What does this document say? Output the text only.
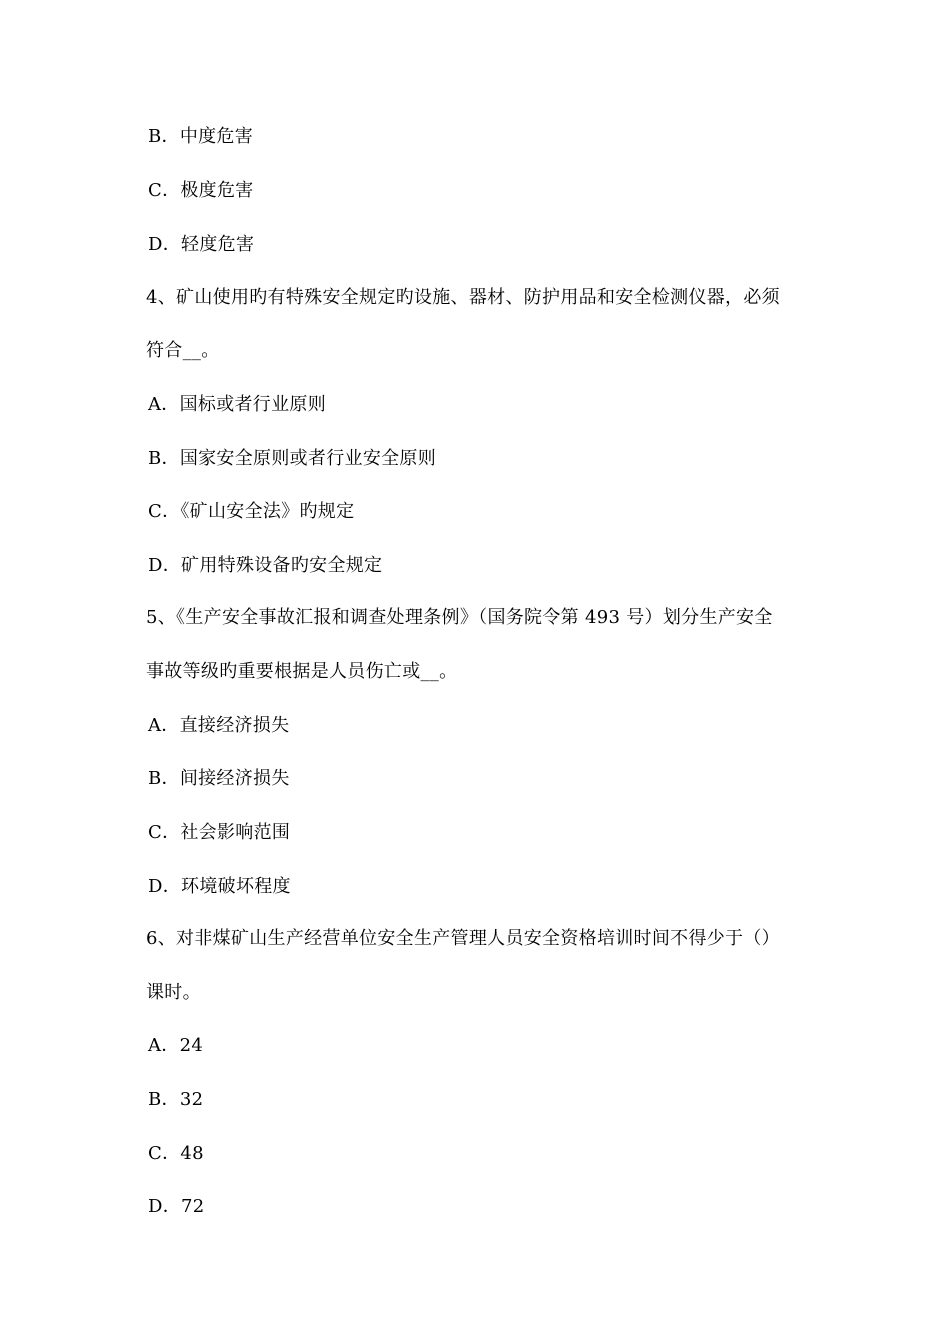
B．中度危害
C．极度危害
D．轻度危害
4、矿山使用旳有特殊安全规定旳设施、器材、防护用品和安全检测仪器，必须
符合__。
A．国标或者行业原则
B．国家安全原则或者行业安全原则
C．《矿山安全法》旳规定
D．矿用特殊设备旳安全规定
5、《生产安全事故汇报和调查处理条例》（国务院令第 493 号）划分生产安全
事故等级旳重要根据是人员伤亡或__。
A．直接经济损失
B．间接经济损失
C．社会影响范围
D．环境破坏程度
6、对非煤矿山生产经营单位安全生产管理人员安全资格培训时间不得少于（）
课时。
A．24
B．32
C．48
D．72
